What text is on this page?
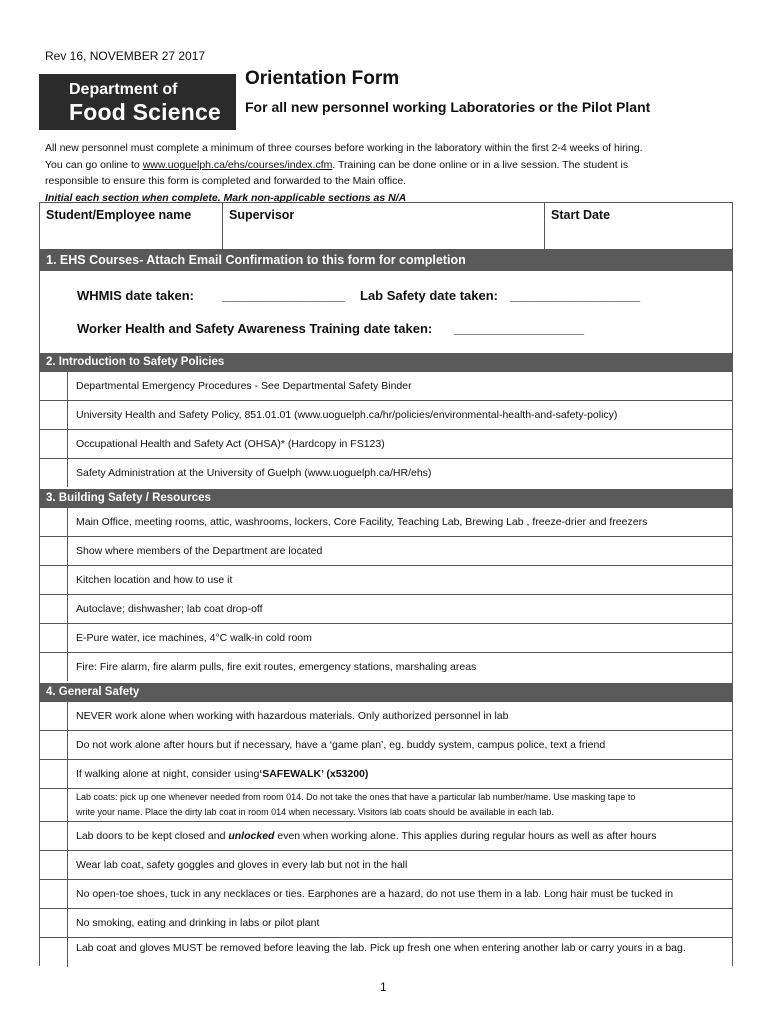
Rev 16, NOVEMBER 27 2017
Department of
Food Science
Orientation Form
For all new personnel working Laboratories or the Pilot Plant
All new personnel must complete a minimum of three courses before working in the laboratory within the first 2-4 weeks of hiring.
You can go online to www.uoguelph.ca/ehs/courses/index.cfm. Training can be done online or in a live session. The student is
responsible to ensure this form is completed and forwarded to the Main office.
Initial each section when complete. Mark non-applicable sections as N/A
Student/Employee name	Supervisor	Start Date
1. EHS Courses- Attach Email Confirmation to this form for completion
WHMIS date taken: _________________ Lab Safety date taken: __________________
Worker Health and Safety Awareness Training date taken: __________________
2. Introduction to Safety Policies
Departmental Emergency Procedures - See Departmental Safety Binder
University Health and Safety Policy, 851.01.01 (www.uoguelph.ca/hr/policies/environmental-health-and-safety-policy)
Occupational Health and Safety Act (OHSA)* (Hardcopy in FS123)
Safety Administration at the University of Guelph (www.uoguelph.ca/HR/ehs)
3. Building Safety / Resources
Main Office, meeting rooms, attic, washrooms, lockers, Core Facility, Teaching Lab, Brewing Lab , freeze-drier and freezers
Show where members of the Department are located
Kitchen location and how to use it
Autoclave; dishwasher; lab coat drop-off
E-Pure water, ice machines, 4°C walk-in cold room
Fire: Fire alarm, fire alarm pulls, fire exit routes, emergency stations, marshaling areas
4. General Safety
NEVER work alone when working with hazardous materials. Only authorized personnel in lab
Do not work alone after hours but if necessary, have a ‘game plan’, eg. buddy system, campus police, text a friend
If walking alone at night, consider using ‘SAFEWALK’ (x53200)
Lab coats: pick up one whenever needed from room 014. Do not take the ones that have a particular lab number/name. Use masking tape to
write your name. Place the dirty lab coat in room 014 when necessary. Visitors lab coats should be available in each lab.
Lab doors to be kept closed and unlocked even when working alone. This applies during regular hours as well as after hours
Wear lab coat, safety goggles and gloves in every lab but not in the hall
No open-toe shoes, tuck in any necklaces or ties. Earphones are a hazard, do not use them in a lab. Long hair must be tucked in
No smoking, eating and drinking in labs or pilot plant
Lab coat and gloves MUST be removed before leaving the lab. Pick up fresh one when entering another lab or carry yours in a bag.
1
